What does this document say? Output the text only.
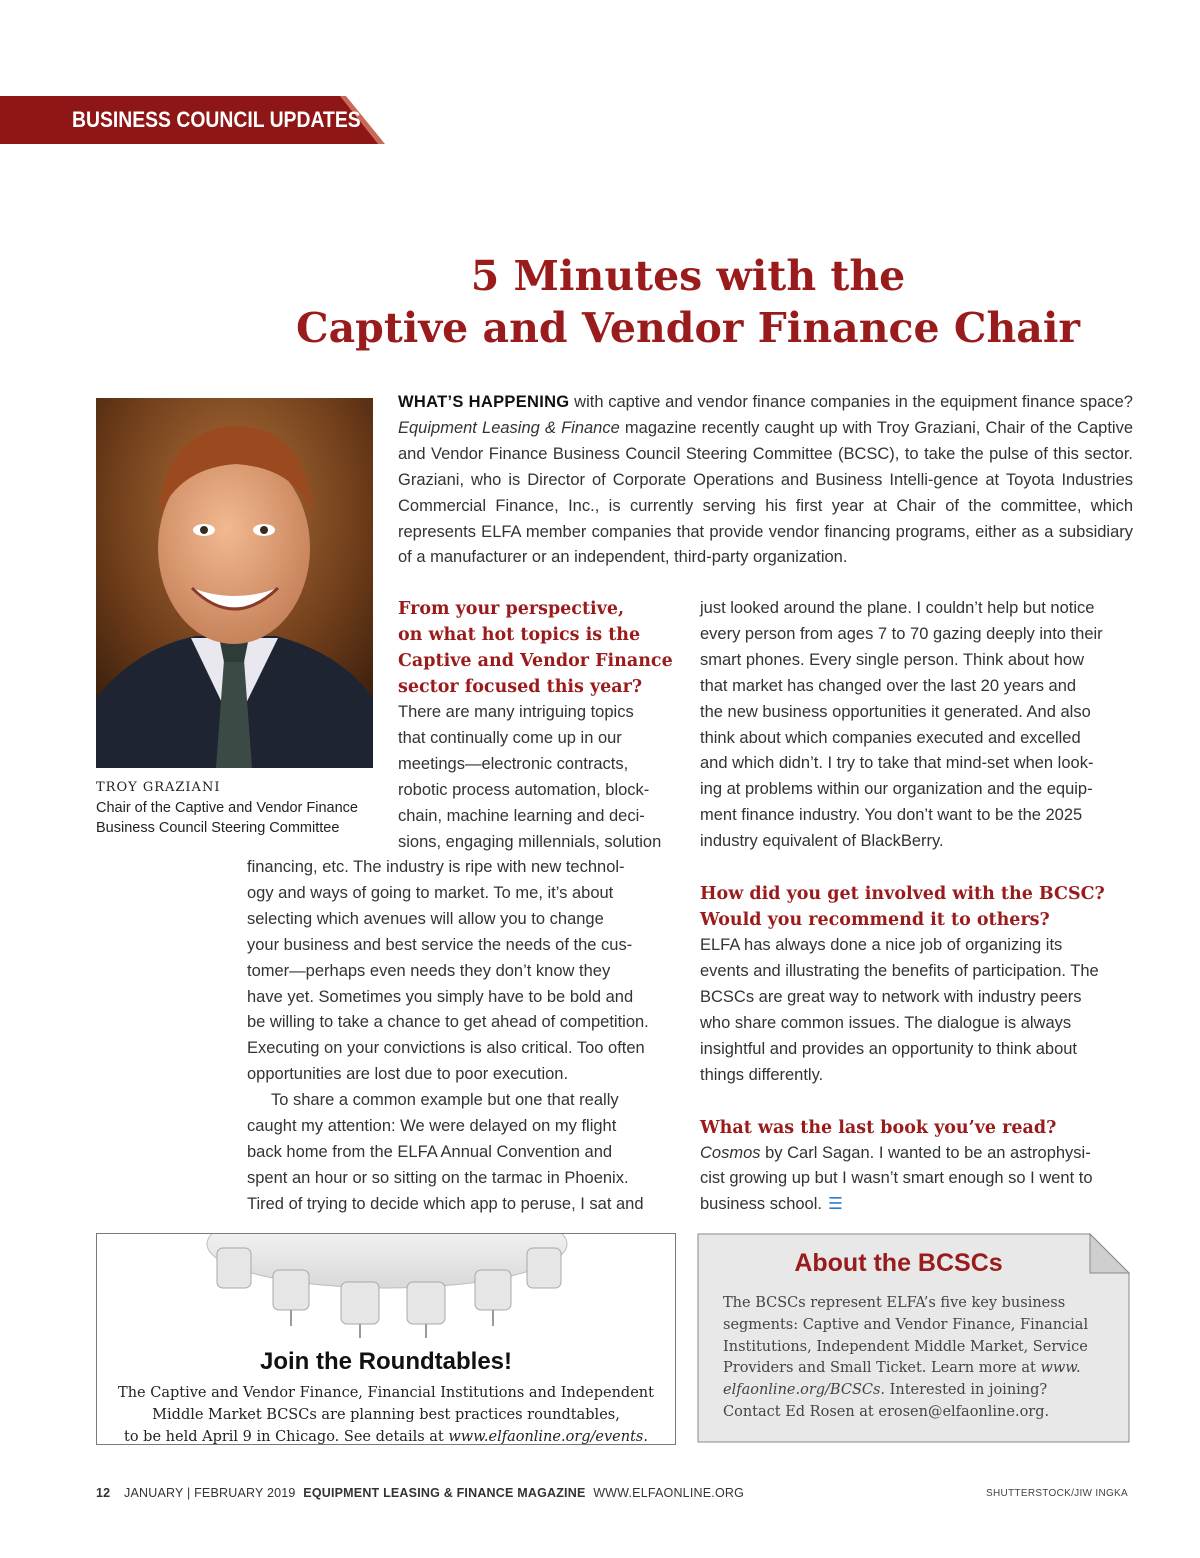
BUSINESS COUNCIL UPDATES
5 Minutes with the
Captive and Vendor Finance Chair
TROY GRAZIANI
Chair of the Captive and Vendor Finance
Business Council Steering Committee
WHAT’S HAPPENING with captive and vendor finance companies in the equipment finance space? Equipment Leasing & Finance magazine recently caught up with Troy Graziani, Chair of the Captive and Vendor Finance Business Council Steering Committee (BCSC), to take the pulse of this sector. Graziani, who is Director of Corporate Operations and Business Intelli-gence at Toyota Industries Commercial Finance, Inc., is currently serving his first year at Chair of the committee, which represents ELFA member companies that provide vendor financing programs, either as a subsidiary of a manufacturer or an independent, third-party organization.
From your perspective,
on what hot topics is the
Captive and Vendor Finance
sector focused this year?
There are many intriguing topics
that continually come up in our
meetings—electronic contracts,
robotic process automation, block-
chain, machine learning and deci-
sions, engaging millennials, solution
financing, etc. The industry is ripe with new technol-
ogy and ways of going to market. To me, it’s about
selecting which avenues will allow you to change
your business and best service the needs of the cus-
tomer—perhaps even needs they don’t know they
have yet. Sometimes you simply have to be bold and
be willing to take a chance to get ahead of competition.
Executing on your convictions is also critical. Too often
opportunities are lost due to poor execution.
To share a common example but one that really
caught my attention: We were delayed on my flight
back home from the ELFA Annual Convention and
spent an hour or so sitting on the tarmac in Phoenix.
Tired of trying to decide which app to peruse, I sat and
just looked around the plane. I couldn’t help but notice
every person from ages 7 to 70 gazing deeply into their
smart phones. Every single person. Think about how
that market has changed over the last 20 years and
the new business opportunities it generated. And also
think about which companies executed and excelled
and which didn’t. I try to take that mind-set when look-
ing at problems within our organization and the equip-
ment finance industry. You don’t want to be the 2025
industry equivalent of BlackBerry.
How did you get involved with the BCSC?
Would you recommend it to others?
ELFA has always done a nice job of organizing its
events and illustrating the benefits of participation. The
BCSCs are great way to network with industry peers
who share common issues. The dialogue is always
insightful and provides an opportunity to think about
things differently.
What was the last book you’ve read?
Cosmos by Carl Sagan. I wanted to be an astrophysi-
cist growing up but I wasn’t smart enough so I went to
business school. ☰
Join the Roundtables!
The Captive and Vendor Finance, Financial Institutions and Independent
Middle Market BCSCs are planning best practices roundtables,
to be held April 9 in Chicago. See details at www.elfaonline.org/events.
About the BCSCs
The BCSCs represent ELFA’s five key business
segments: Captive and Vendor Finance, Financial
Institutions, Independent Middle Market, Service
Providers and Small Ticket. Learn more at www.
elfaonline.org/BCSCs. Interested in joining?
Contact Ed Rosen at erosen@elfaonline.org.
12 JANUARY | FEBRUARY 2019 EQUIPMENT LEASING & FINANCE MAGAZINE WWW.ELFAONLINE.ORG	SHUTTERSTOCK/JIW INGKA
